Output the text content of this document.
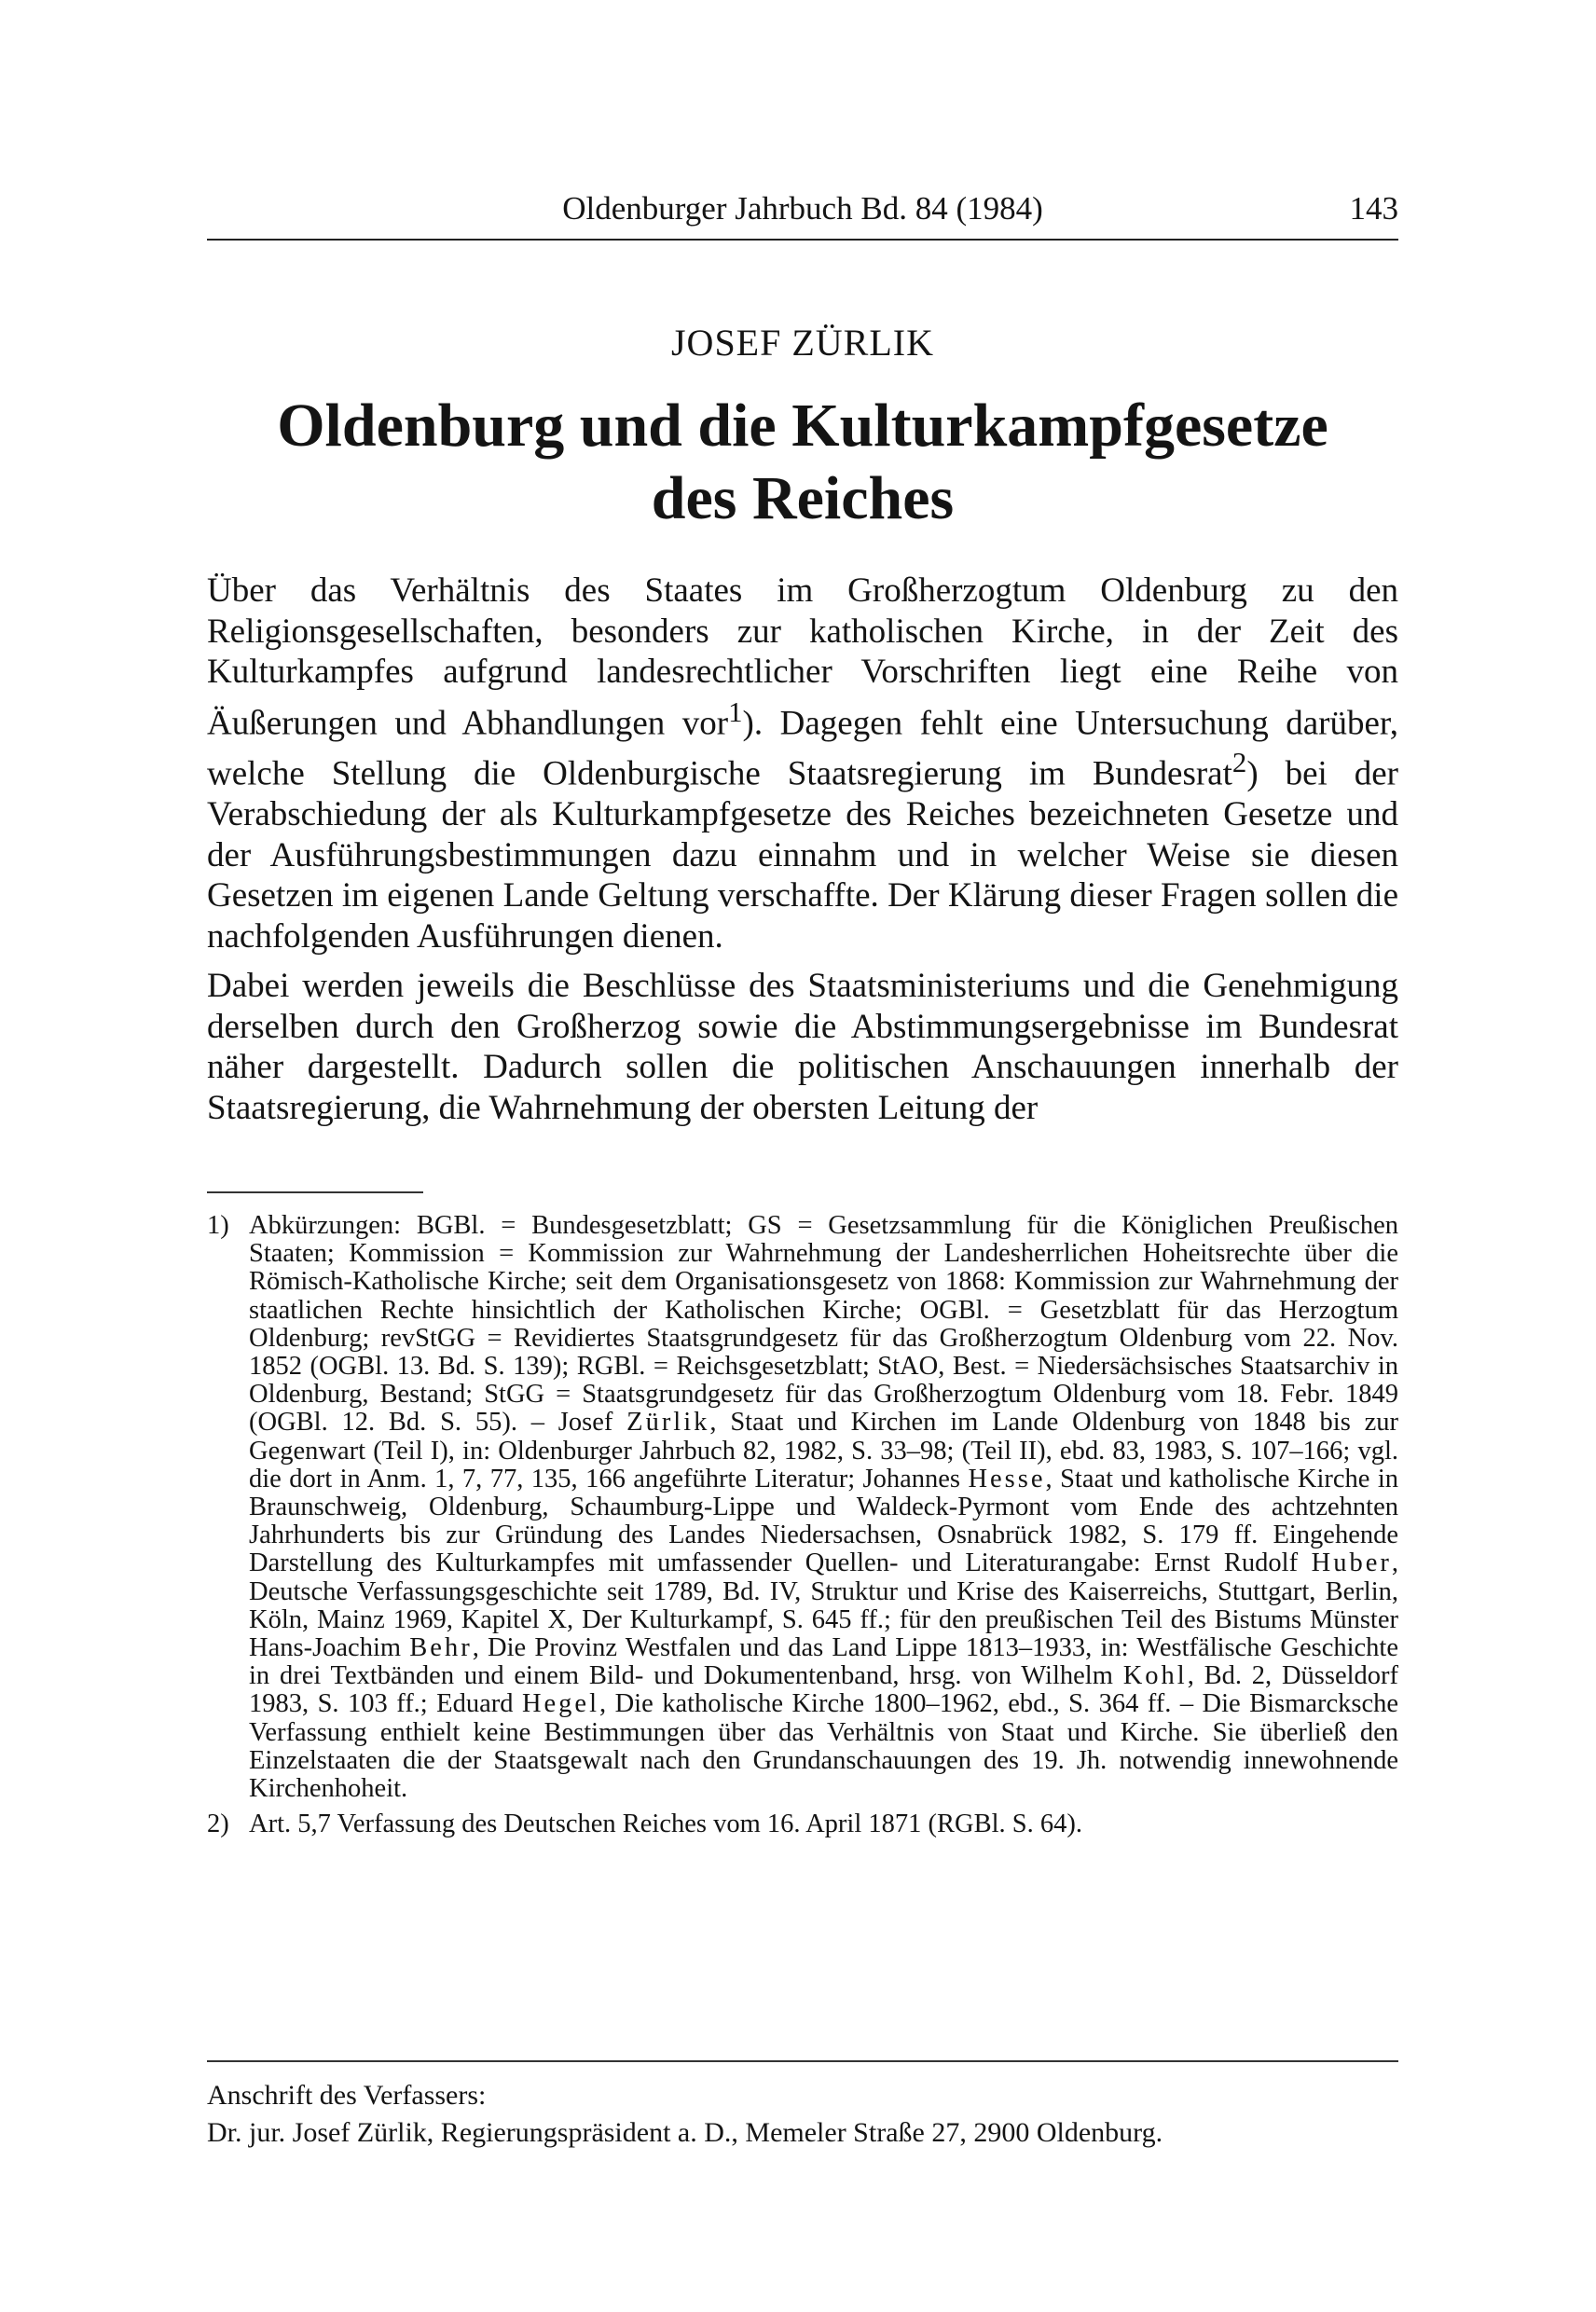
Oldenburger Jahrbuch Bd. 84 (1984)	143
JOSEF ZÜRLIK
Oldenburg und die Kulturkampfgesetze
des Reiches

Über das Verhältnis des Staates im Großherzogtum Oldenburg zu den Religionsgesellschaften, besonders zur katholischen Kirche, in der Zeit des Kulturkampfes aufgrund landesrechtlicher Vorschriften liegt eine Reihe von Äußerungen und Abhandlungen vor$^1$). Dagegen fehlt eine Untersuchung darüber, welche Stellung die Oldenburgische Staatsregierung im Bundesrat$^2$) bei der Verabschiedung der als Kulturkampfgesetze des Reiches bezeichneten Gesetze und der Ausführungsbestimmungen dazu einnahm und in welcher Weise sie diesen Gesetzen im eigenen Lande Geltung verschaffte. Der Klärung dieser Fragen sollen die nachfolgenden Ausführungen dienen.

Dabei werden jeweils die Beschlüsse des Staatsministeriums und die Genehmigung derselben durch den Großherzog sowie die Abstimmungsergebnisse im Bundesrat näher dargestellt. Dadurch sollen die politischen Anschauungen innerhalb der Staatsregierung, die Wahrnehmung der obersten Leitung der

1) Abkürzungen: BGBl. = Bundesgesetzblatt; GS = Gesetzsammlung für die Königlichen Preußischen Staaten; Kommission = Kommission zur Wahrnehmung der Landesherrlichen Hoheitsrechte über die Römisch-Katholische Kirche; seit dem Organisationsgesetz von 1868: Kommission zur Wahrnehmung der staatlichen Rechte hinsichtlich der Katholischen Kirche; OGBl. = Gesetzblatt für das Herzogtum Oldenburg; revStGG = Revidiertes Staatsgrundgesetz für das Großherzogtum Oldenburg vom 22. Nov. 1852 (OGBl. 13. Bd. S. 139); RGBl. = Reichsgesetzblatt; StAO, Best. = Niedersächsisches Staatsarchiv in Oldenburg, Bestand; StGG = Staatsgrundgesetz für das Großherzogtum Oldenburg vom 18. Febr. 1849 (OGBl. 12. Bd. S. 55). – Josef Zürlik, Staat und Kirchen im Lande Oldenburg von 1848 bis zur Gegenwart (Teil I), in: Oldenburger Jahrbuch 82, 1982, S. 33–98; (Teil II), ebd. 83, 1983, S. 107–166; vgl. die dort in Anm. 1, 7, 77, 135, 166 angeführte Literatur; Johannes Hesse, Staat und katholische Kirche in Braunschweig, Oldenburg, Schaumburg-Lippe und Waldeck-Pyrmont vom Ende des achtzehnten Jahrhunderts bis zur Gründung des Landes Niedersachsen, Osnabrück 1982, S. 179 ff. Eingehende Darstellung des Kulturkampfes mit umfassender Quellen- und Literaturangabe: Ernst Rudolf Huber, Deutsche Verfassungsgeschichte seit 1789, Bd. IV, Struktur und Krise des Kaiserreichs, Stuttgart, Berlin, Köln, Mainz 1969, Kapitel X, Der Kulturkampf, S. 645 ff.; für den preußischen Teil des Bistums Münster Hans-Joachim Behr, Die Provinz Westfalen und das Land Lippe 1813–1933, in: Westfälische Geschichte in drei Textbänden und einem Bild- und Dokumentenband, hrsg. von Wilhelm Kohl, Bd. 2, Düsseldorf 1983, S. 103 ff.; Eduard Hegel, Die katholische Kirche 1800–1962, ebd., S. 364 ff. – Die Bismarcksche Verfassung enthielt keine Bestimmungen über das Verhältnis von Staat und Kirche. Sie überließ den Einzelstaaten die der Staatsgewalt nach den Grundanschauungen des 19. Jh. notwendig innewohnende Kirchenhoheit.
2) Art. 5,7 Verfassung des Deutschen Reiches vom 16. April 1871 (RGBl. S. 64).
Anschrift des Verfassers:
Dr. jur. Josef Zürlik, Regierungspräsident a. D., Memeler Straße 27, 2900 Oldenburg.
